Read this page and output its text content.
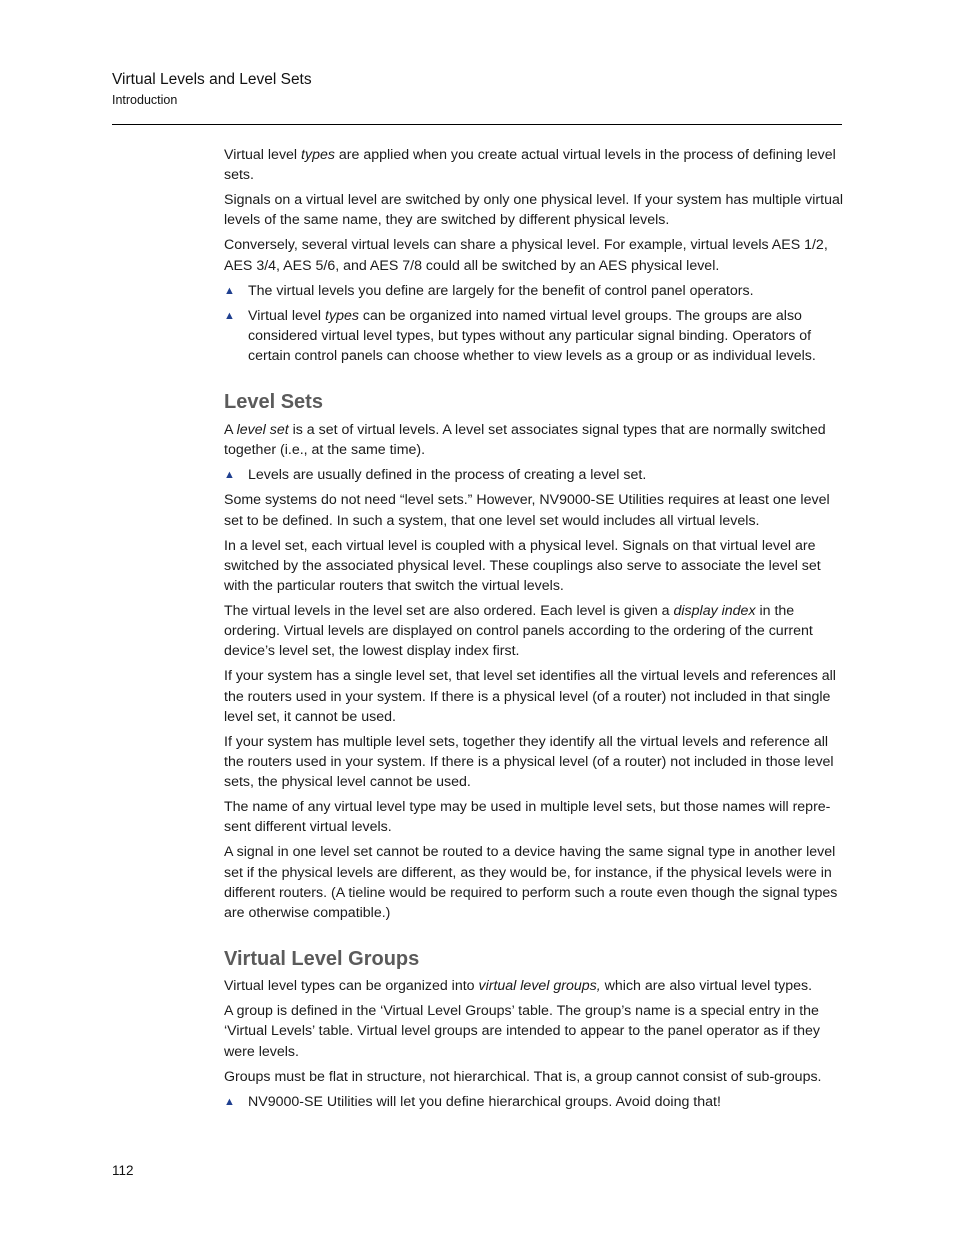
Virtual Levels and Level Sets
Introduction

Virtual level types are applied when you create actual virtual levels in the process of defining level sets.

Signals on a virtual level are switched by only one physical level. If your system has multiple virtual levels of the same name, they are switched by different physical levels.

Conversely, several virtual levels can share a physical level. For example, virtual levels AES 1/2, AES 3/4, AES 5/6, and AES 7/8 could all be switched by an AES physical level.

▲ The virtual levels you define are largely for the benefit of control panel operators.
▲ Virtual level types can be organized into named virtual level groups. The groups are also considered virtual level types, but types without any particular signal binding. Operators of certain control panels can choose whether to view levels as a group or as individual levels.
Level Sets

A level set is a set of virtual levels. A level set associates signal types that are normally switched together (i.e., at the same time).

▲ Levels are usually defined in the process of creating a level set.

Some systems do not need “level sets.” However, NV9000-SE Utilities requires at least one level set to be defined. In such a system, that one level set would includes all virtual levels.

In a level set, each virtual level is coupled with a physical level. Signals on that virtual level are switched by the associated physical level. These couplings also serve to associate the level set with the particular routers that switch the virtual levels.

The virtual levels in the level set are also ordered. Each level is given a display index in the ordering. Virtual levels are displayed on control panels according to the ordering of the current device’s level set, the lowest display index first.

If your system has a single level set, that level set identifies all the virtual levels and references all the routers used in your system. If there is a physical level (of a router) not included in that single level set, it cannot be used.

If your system has multiple level sets, together they identify all the virtual levels and reference all the routers used in your system. If there is a physical level (of a router) not included in those level sets, the physical level cannot be used.

The name of any virtual level type may be used in multiple level sets, but those names will repre-sent different virtual levels.

A signal in one level set cannot be routed to a device having the same signal type in another level set if the physical levels are different, as they would be, for instance, if the physical levels were in different routers. (A tieline would be required to perform such a route even though the signal types are otherwise compatible.)

Virtual Level Groups

Virtual level types can be organized into virtual level groups, which are also virtual level types.

A group is defined in the ‘Virtual Level Groups’ table. The group’s name is a special entry in the ‘Virtual Levels’ table. Virtual level groups are intended to appear to the panel operator as if they were levels.

Groups must be flat in structure, not hierarchical. That is, a group cannot consist of sub-groups.

▲ NV9000-SE Utilities will let you define hierarchical groups. Avoid doing that!
112
